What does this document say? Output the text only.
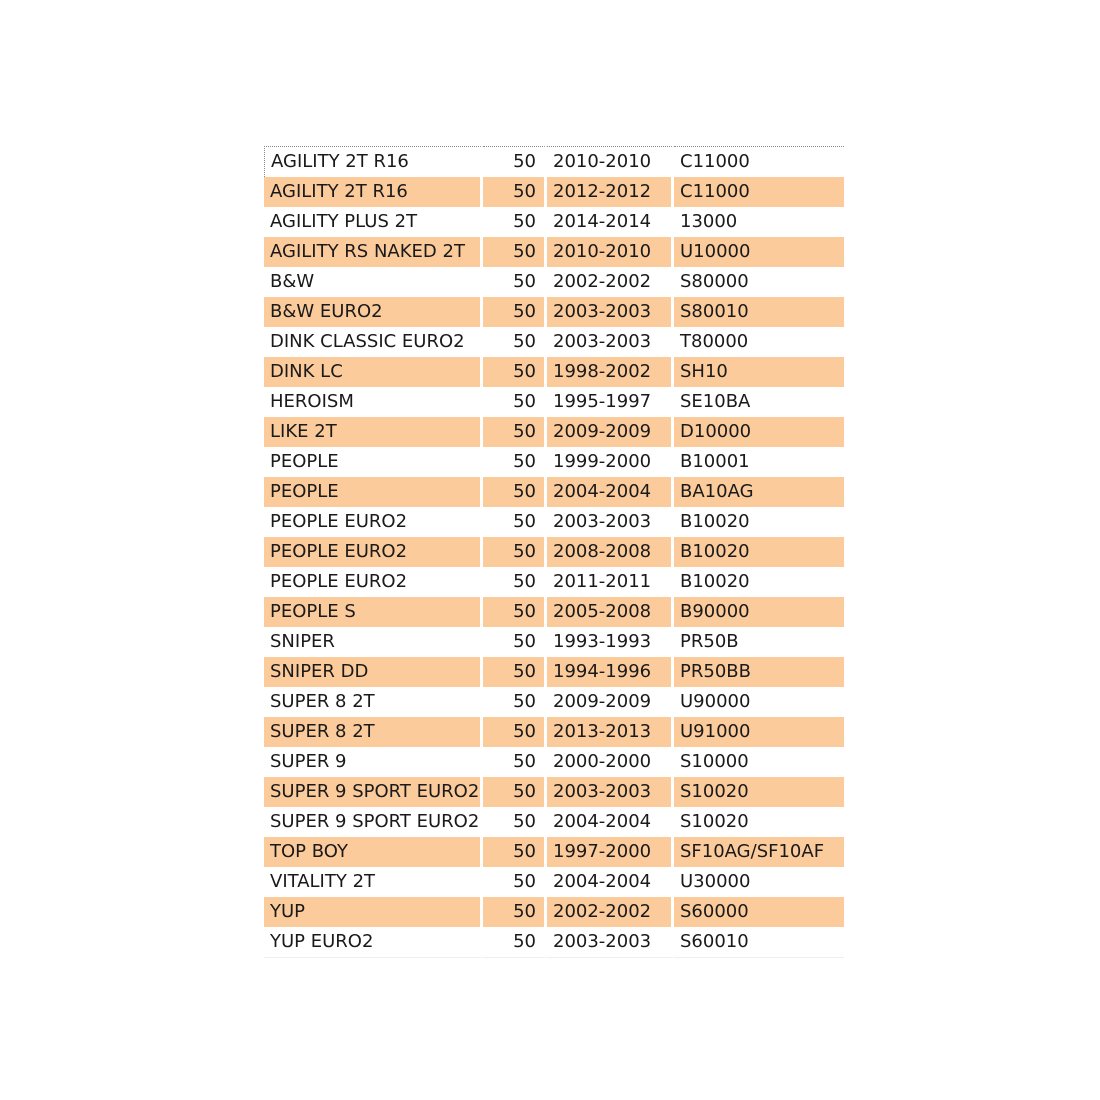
AGILITY 2T R16	50	2010-2010	C11000
AGILITY 2T R16	50	2012-2012	C11000
AGILITY PLUS 2T	50	2014-2014	13000
AGILITY RS NAKED 2T	50	2010-2010	U10000
B&W	50	2002-2002	S80000
B&W EURO2	50	2003-2003	S80010
DINK CLASSIC EURO2	50	2003-2003	T80000
DINK LC	50	1998-2002	SH10
HEROISM	50	1995-1997	SE10BA
LIKE 2T	50	2009-2009	D10000
PEOPLE	50	1999-2000	B10001
PEOPLE	50	2004-2004	BA10AG
PEOPLE EURO2	50	2003-2003	B10020
PEOPLE EURO2	50	2008-2008	B10020
PEOPLE EURO2	50	2011-2011	B10020
PEOPLE S	50	2005-2008	B90000
SNIPER	50	1993-1993	PR50B
SNIPER DD	50	1994-1996	PR50BB
SUPER 8 2T	50	2009-2009	U90000
SUPER 8 2T	50	2013-2013	U91000
SUPER 9	50	2000-2000	S10000
SUPER 9 SPORT EURO2	50	2003-2003	S10020
SUPER 9 SPORT EURO2	50	2004-2004	S10020
TOP BOY	50	1997-2000	SF10AG/SF10AF
VITALITY 2T	50	2004-2004	U30000
YUP	50	2002-2002	S60000
YUP EURO2	50	2003-2003	S60010
